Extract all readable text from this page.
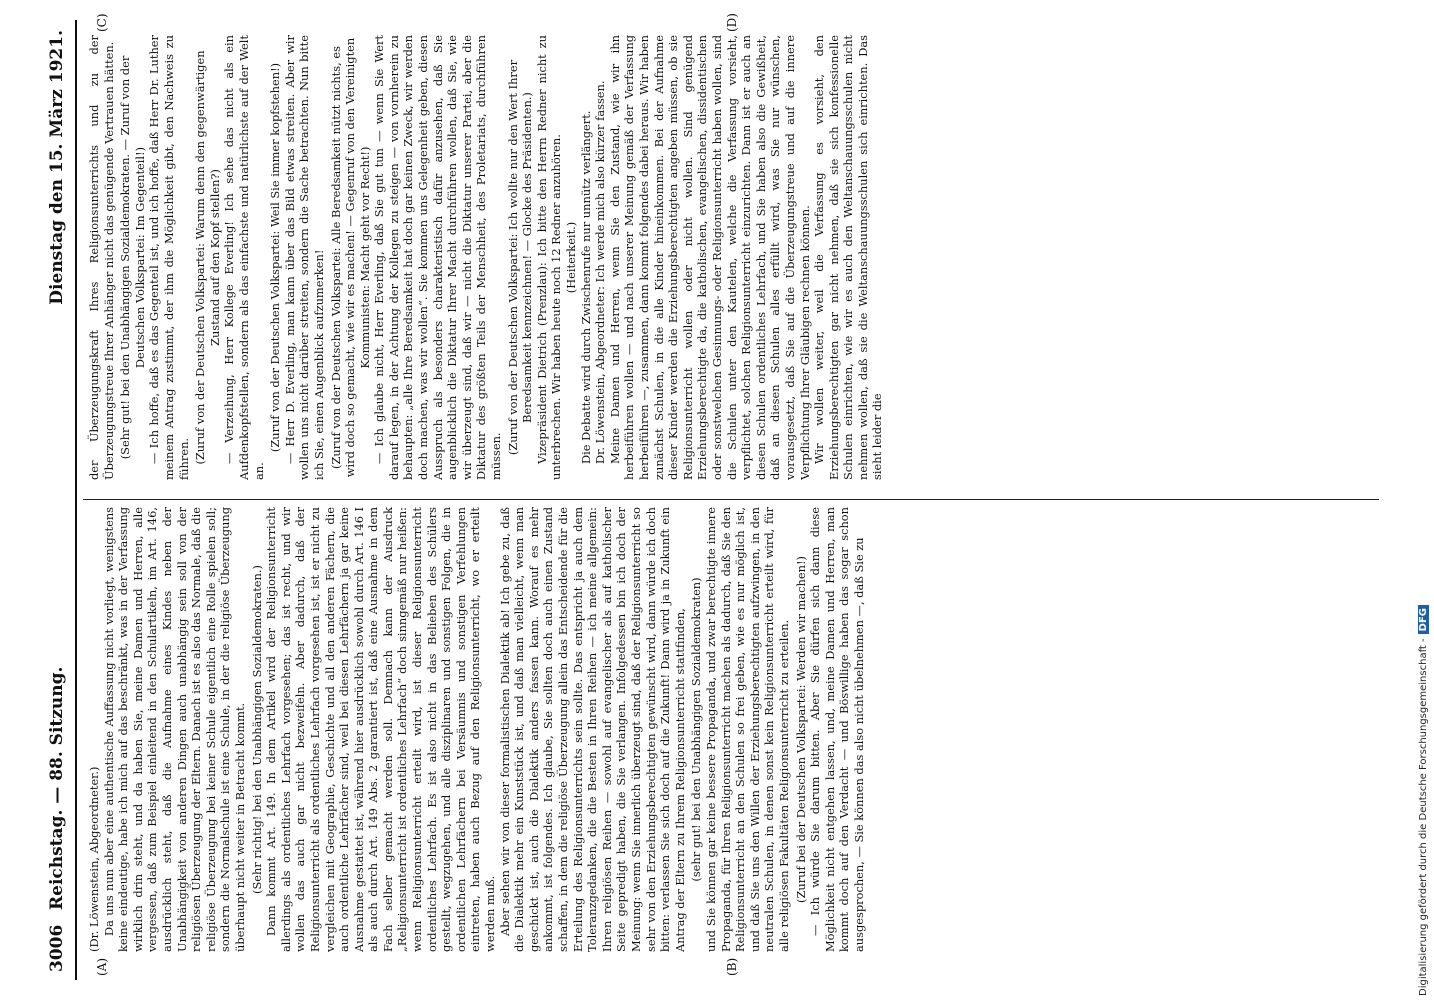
3006
Reichstag. — 88. Sitzung.
Dienstag den 15. März 1921.
(A)	(B)
(C)	(D)

(Dr. Löwenstein, Abgeordneter.) Da uns nun aber eine authentische Auffassung nicht vorliegt, wenigstens keine eindeutige, habe ich mich auf das beschränkt, was in der Verfassung wirklich drin steht, und da haben Sie, meine Damen und Herren, alle vergessen, daß zum Beispiel einleitend in den Schulartikeln, im Art. 146, ausdrücklich steht, daß die Aufnahme eines Kindes neben der Unabhängigkeit von anderen Dingen auch unabhängig sein soll von der religiösen Überzeugung der Eltern. Danach ist es also das Normale, daß die religiöse Überzeugung bei keiner Schule eigentlich eine Rolle spielen soll; sondern die Normalschule ist eine Schule, in der die religiöse Überzeugung überhaupt nicht weiter in Betracht kommt. (Sehr richtig! bei den Unabhängigen Sozialdemokraten.) Dann kommt Art. 149. In dem Artikel wird der Religionsunterricht allerdings als ordentliches Lehrfach vorgesehen; das ist recht, und wir wollen das auch gar nicht bezweifeln. Aber dadurch, daß der Religionsunterricht als ordentliches Lehrfach vorgesehen ist, ist er nicht zu vergleichen mit Geographie, Geschichte und all den anderen Fächern, die auch ordentliche Lehrfächer sind, weil bei diesen Lehrfächern ja gar keine Ausnahme gestattet ist, während hier ausdrücklich sowohl durch Art. 146 I als auch durch Art. 149 Abs. 2 garantiert ist, daß eine Ausnahme in dem Fach selber gemacht werden soll. Demnach kann der Ausdruck „Religionsunterricht ist ordentliches Lehrfach“ doch sinngemäß nur heißen: wenn Religionsunterricht erteilt wird, ist dieser Religionsunterricht ordentliches Lehrfach. Es ist also nicht in das Belieben des Schülers gestellt, wegzugehen, und alle disziplinaren und sonstigen Folgen, die in ordentlichen Lehrfächern bei Versäumnis und sonstigen Verfehlungen eintreten, haben auch Bezug auf den Religionsunterricht, wo er erteilt werden muß. Aber sehen wir von dieser formalistischen Dialektik ab! Ich gebe zu, daß die Dialektik mehr ein Kunststück ist, und daß man vielleicht, wenn man geschickt ist, auch die Dialektik anders fassen kann. Worauf es mehr ankommt, ist folgendes. Ich glaube, Sie sollten doch auch einen Zustand schaffen, in dem die religiöse Überzeugung allein das Entscheidende für die Erteilung des Religionsunterrichts sein sollte. Das entspricht ja auch dem Toleranzgedanken, die die Besten in Ihren Reihen — ich meine allgemein: Ihren religiösen Reihen — sowohl auf evangelischer als auf katholischer Seite gepredigt haben, die Sie verlangen. Infolgedessen bin ich doch der Meinung: wenn Sie innerlich überzeugt sind, daß der Religionsunterricht so sehr von den Erziehungsberechtigten gewünscht wird, dann würde ich doch bitten: verlassen Sie sich doch auf die Zukunft! Dann wird ja in Zukunft ein Antrag der Eltern zu Ihrem Religionsunterricht stattfinden, (sehr gut! bei den Unabhängigen Sozialdemokraten) und Sie können gar keine bessere Propaganda, und zwar berechtigte innere Propaganda, für Ihren Religionsunterricht machen als dadurch, daß Sie den Religionsunterricht an den Schulen so frei geben, wie es nur möglich ist, und daß Sie uns den Willen der Erziehungsberechtigten aufzwingen, in den neutralen Schulen, in denen sonst kein Religionsunterricht erteilt wird, für alle religiösen Fakultäten Religionsunterricht zu erteilen. (Zuruf bei der Deutschen Volkspartei: Werden wir machen!) — Ich würde Sie darum bitten. Aber Sie dürfen sich dann diese Möglichkeit nicht entgehen lassen, und, meine Damen und Herren, man kommt doch auf den Verdacht — und Böswillige haben das sogar schon ausgesprochen, — Sie können das also nicht übelnehmen —, daß Sie zu

der Überzeugungskraft Ihres Religionsunterrichts und zu der Überzeugungstreue Ihrer Anhänger nicht das genügende Vertrauen hätten. (Sehr gut! bei den Unabhängigen Sozialdemokraten. — Zuruf von der Deutschen Volkspartei: Im Gegenteil!) — Ich hoffe, daß es das Gegenteil ist, und ich hoffe, daß Herr Dr. Luther meinem Antrag zustimmt, der ihm die Möglichkeit gibt, den Nachweis zu führen. (Zuruf von der Deutschen Volkspartei: Warum denn den gegenwärtigen Zustand auf den Kopf stellen?) — Verzeihung, Herr Kollege Everling! Ich sehe das nicht als ein Aufdenkopfstellen, sondern als das einfachste und natürlichste auf der Welt an.

(Zuruf von der Deutschen Volkspartei: Weil Sie immer kopfstehen!) — Herr D. Everling, man kann über das Bild etwas streiten. Aber wir wollen uns nicht darüber streiten, sondern die Sache betrachten. Nun bitte ich Sie, einen Augenblick aufzumerken! (Zuruf von der Deutschen Volkspartei: Alle Beredsamkeit nützt nichts, es wird doch so gemacht, wie wir es machen! — Gegenruf von den Vereinigten Kommunisten: Macht geht vor Recht!) — Ich glaube nicht, Herr Everling, daß Sie gut tun — wenn Sie Wert darauf legen, in der Achtung der Kollegen zu steigen — von vornherein zu behaupten: „alle Ihre Beredsamkeit hat doch gar keinen Zweck, wir werden doch machen, was wir wollen“. Sie kommen uns Gelegenheit geben, diesen Ausspruch als besonders charakteristisch dafür anzusehen, daß Sie augenblicklich die Diktatur Ihrer Macht durchführen wollen, daß Sie, wie wir überzeugt sind, daß wir — nicht die Diktatur unserer Partei, aber die Diktatur des größten Teils der Menschheit, des Proletariats, durchführen müssen.

(Zuruf von der Deutschen Volkspartei: Ich wollte nur den Wert Ihrer Beredsamkeit kennzeichnen! — Glocke des Präsidenten.) Vizepräsident Dietrich (Prenzlau): Ich bitte den Herrn Redner nicht zu unterbrechen. Wir haben heute noch 12 Redner anzuhören. (Heiterkeit.) Die Debatte wird durch Zwischenrufe nur unnütz verlängert. Dr. Löwenstein, Abgeordneter: Ich werde mich also kürzer fassen. Meine Damen und Herren, wenn Sie den Zustand, wie wir ihn herbeiführen wollen — und nach unserer Meinung gemäß der Verfassung herbeiführen —, zusammen, dann kommt folgendes dabei heraus. Wir haben zunächst Schulen, in die alle Kinder hineinkommen. Bei der Aufnahme dieser Kinder werden die Erziehungsberechtigten angeben müssen, ob sie Religionsunterricht wollen oder nicht wollen. Sind genügend Erziehungsberechtigte da, die katholischen, evangelischen, dissidentischen oder sonstwelchen Gesinnungs- oder Religionsunterricht haben wollen, sind die Schulen unter den Kautelen, welche die Verfassung vorsieht, verpflichtet, solchen Religionsunterricht einzurichten. Dann ist er auch an diesen Schulen ordentliches Lehrfach, und Sie haben also die Gewißheit, daß an diesen Schulen alles erfüllt wird, was Sie nur wünschen, vorausgesetzt, daß Sie auf die Überzeugungstreue und auf die innere Verpflichtung Ihrer Gläubigen rechnen können. Wir wollen weiter, weil die Verfassung es vorsieht, den Erziehungsberechtigten gar nicht nehmen, daß sie sich konfessionelle Schulen einrichten, wie wir es auch den Weltanschauungsschulen nicht nehmen wollen, daß sie die Weltanschauungsschulen sich einrichten. Das sieht leider die

Digitalisierung gefördert durch die Deutsche Forschungsgemeinschaft -DFG
